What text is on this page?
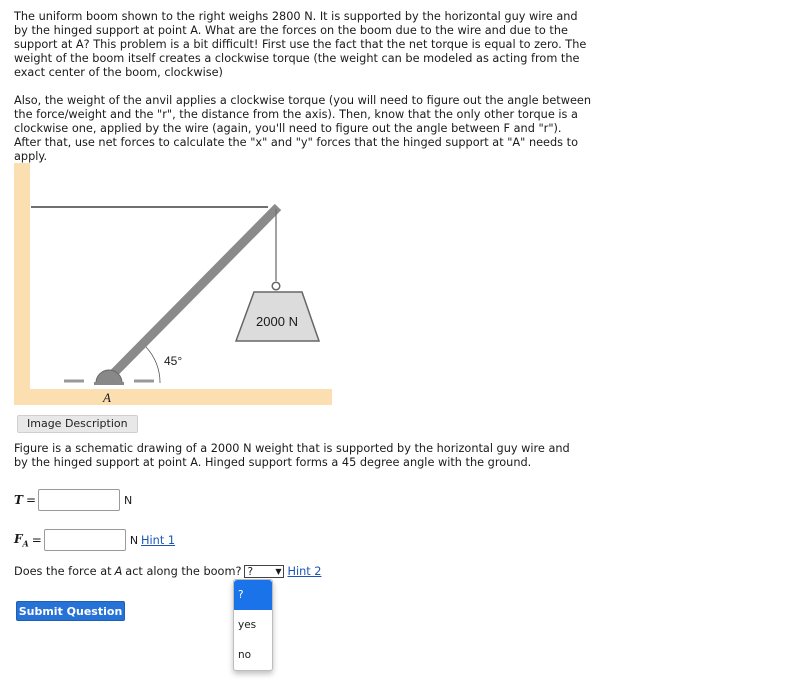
The uniform boom shown to the right weighs 2800 N. It is supported by the horizontal guy wire and by the hinged support at point A. What are the forces on the boom due to the wire and due to the support at A? This problem is a bit difficult! First use the fact that the net torque is equal to zero. The weight of the boom itself creates a clockwise torque (the weight can be modeled as acting from the exact center of the boom, clockwise)

Also, the weight of the anvil applies a clockwise torque (you will need to figure out the angle between the force/weight and the "r", the distance from the axis). Then, know that the only other torque is a clockwise one, applied by the wire (again, you'll need to figure out the angle between F and "r"). After that, use net forces to calculate the "x" and "y" forces that the hinged support at "A" needs to apply.

2000 N
45°
A
Image Description

Figure is a schematic drawing of a 2000 N weight that is supported by the horizontal guy wire and by the hinged support at point A. Hinged support forms a 45 degree angle with the ground.

T =	N
$F_A$ =	N Hint 1
Does the force at A act along the boom? ?	▼ Hint 2
?
yes
no
Submit Question
